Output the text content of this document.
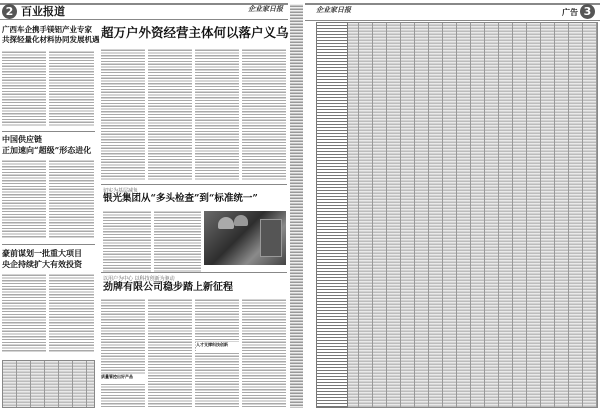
2 百业报道	企业家日报
广西车企携手镁铝产业专家
共探轻量化材料协同发展机遇
中国供应链
正加速向“超级”形态进化
豪前谋划一批重大项目
央企持续扩大有效投资
超万户外资经营主体何以落户义乌
切实为基层减负
银光集团从“多头检查”到“标准统一”
以用户为中心 以科技创新为驱动
劲牌有限公司稳步踏上新征程
人才支撑科技创新
质量管控出好产品
企业家日报	广告 3
